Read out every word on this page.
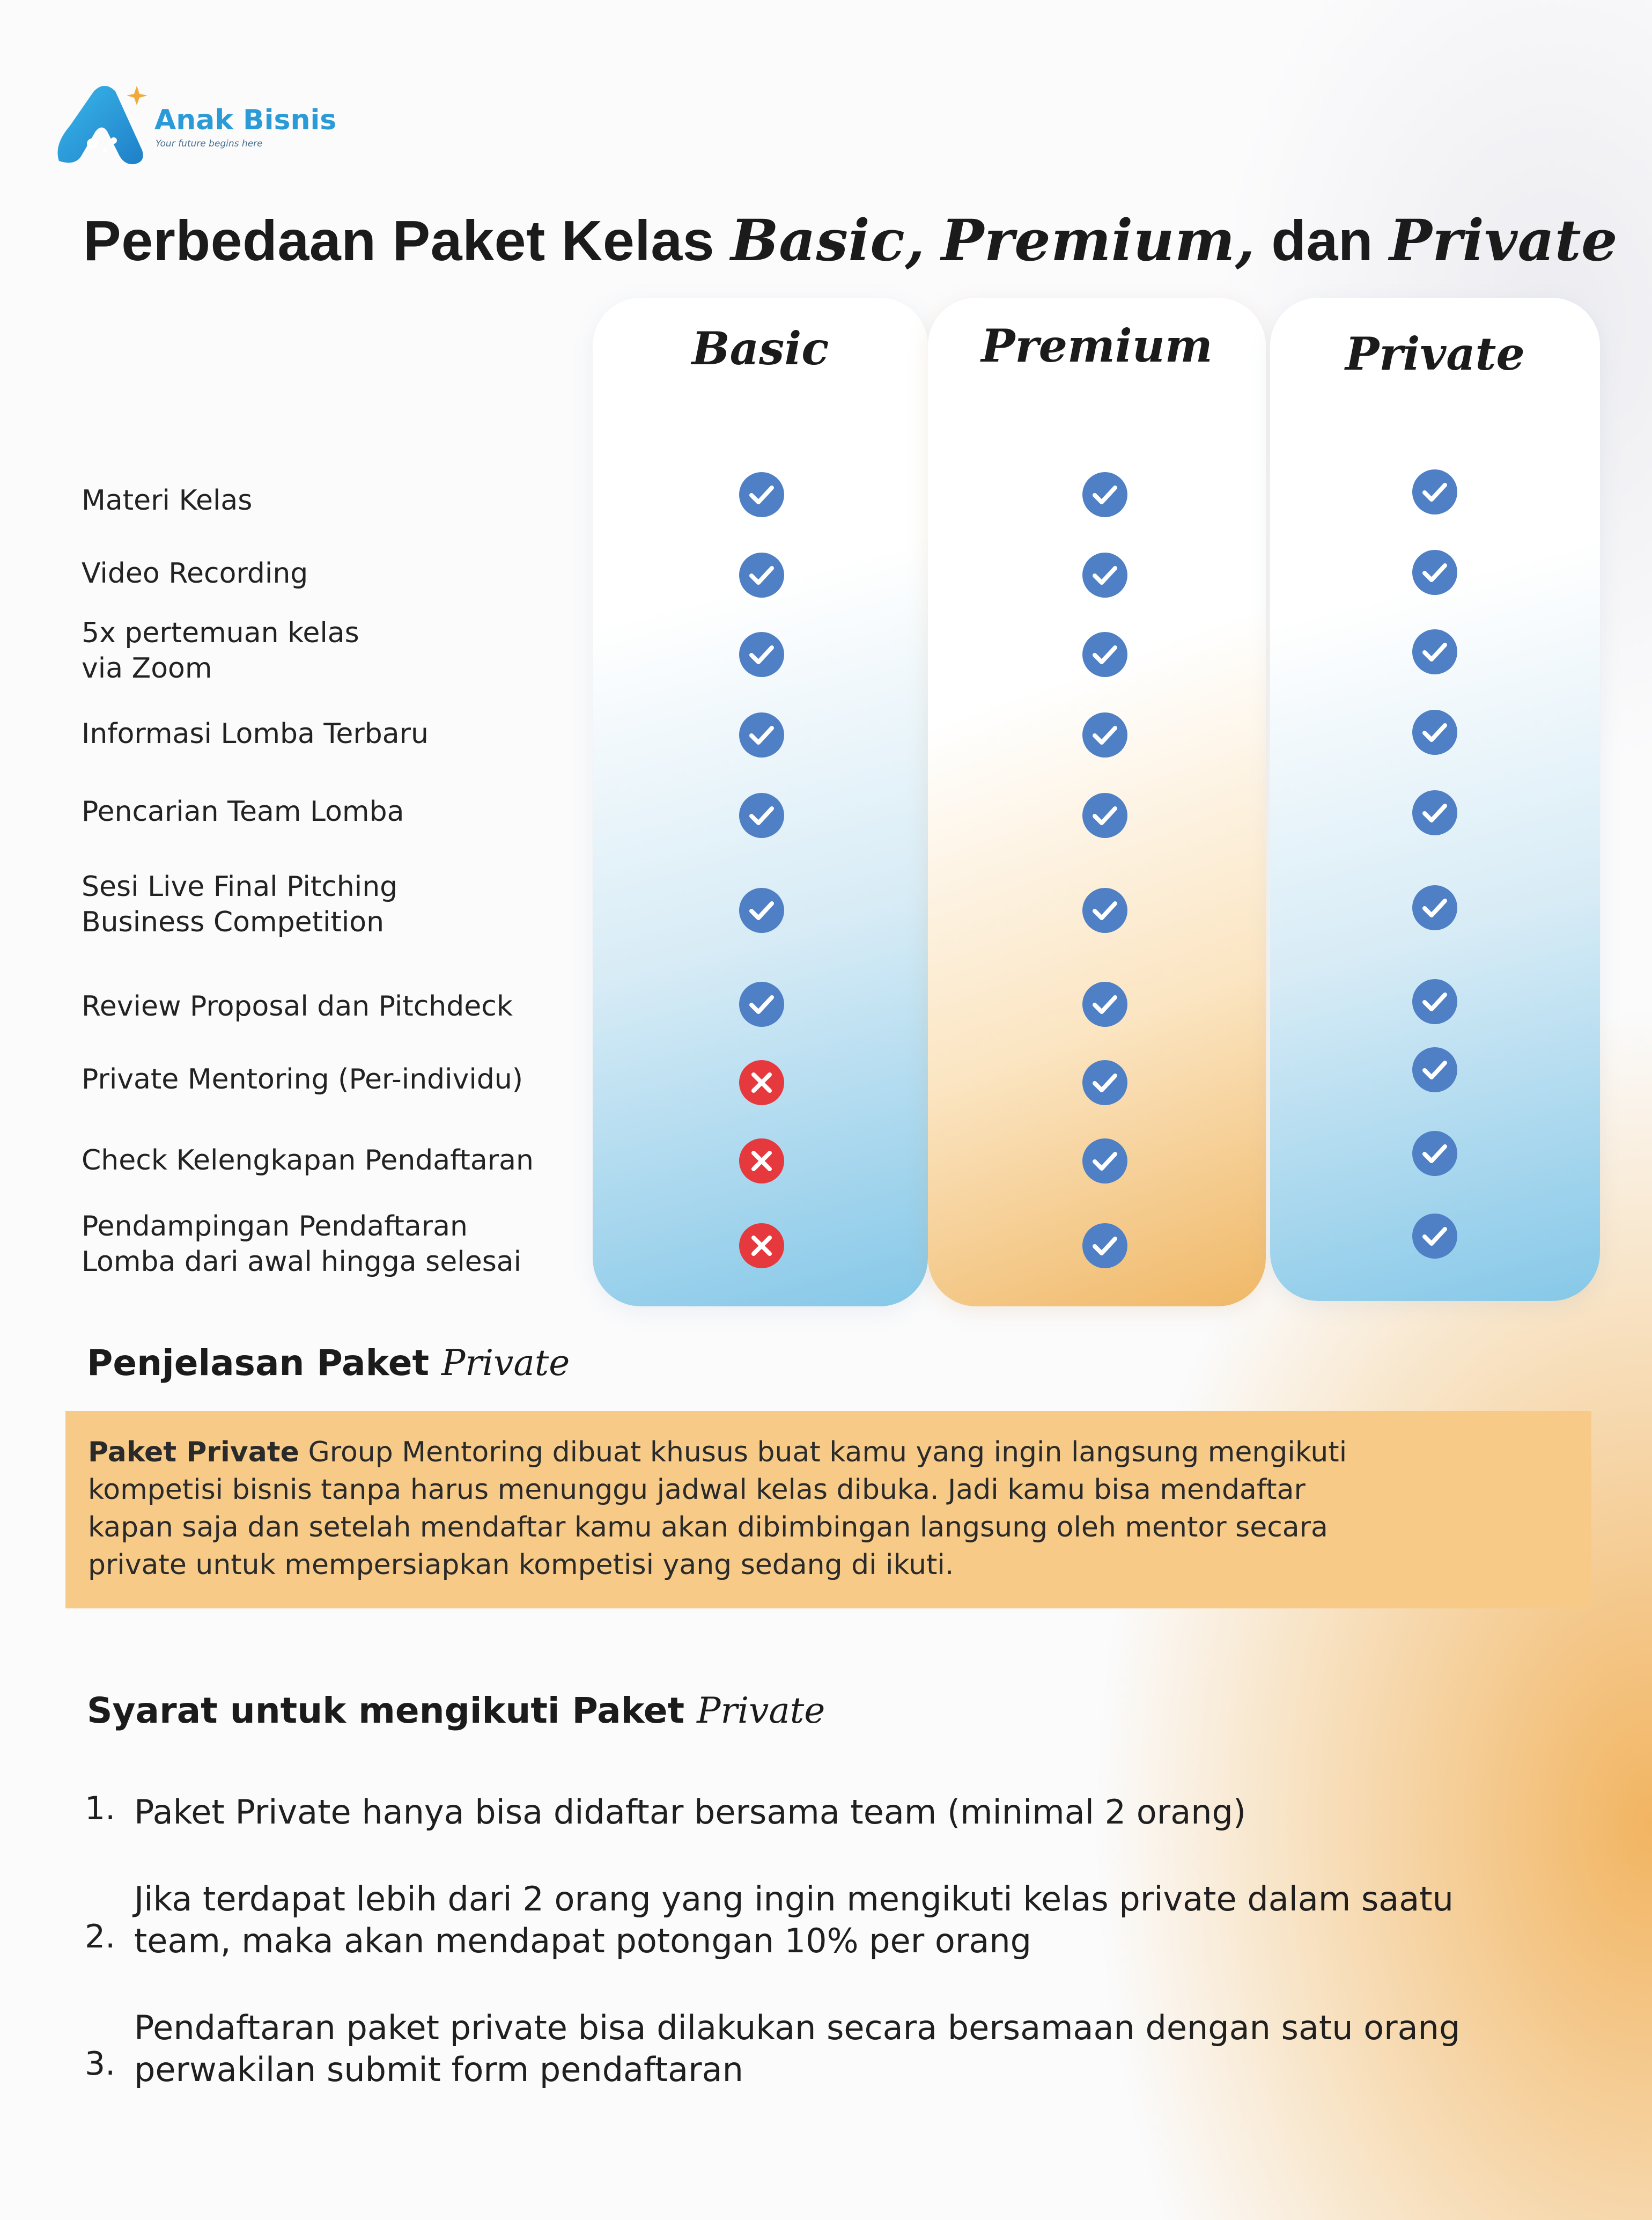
Anak Bisnis
Your future begins here
Perbedaan Paket Kelas Basic, Premium, dan Private
Basic	Premium	Private
Materi Kelas
Video Recording
5x pertemuan kelas
via Zoom
Informasi Lomba Terbaru
Pencarian Team Lomba
Sesi Live Final Pitching
Business Competition
Review Proposal dan Pitchdeck
Private Mentoring (Per-individu)
Check Kelengkapan Pendaftaran
Pendampingan Pendaftaran
Lomba dari awal hingga selesai
Penjelasan Paket Private
Paket Private Group Mentoring dibuat khusus buat kamu yang ingin langsung mengikuti
kompetisi bisnis tanpa harus menunggu jadwal kelas dibuka. Jadi kamu bisa mendaftar
kapan saja dan setelah mendaftar kamu akan dibimbingan langsung oleh mentor secara
private untuk mempersiapkan kompetisi yang sedang di ikuti.
Syarat untuk mengikuti Paket Private
1. Paket Private hanya bisa didaftar bersama team (minimal 2 orang)
2.
Jika terdapat lebih dari 2 orang yang ingin mengikuti kelas private dalam saatu
team, maka akan mendapat potongan 10% per orang
3.
Pendaftaran paket private bisa dilakukan secara bersamaan dengan satu orang
perwakilan submit form pendaftaran
